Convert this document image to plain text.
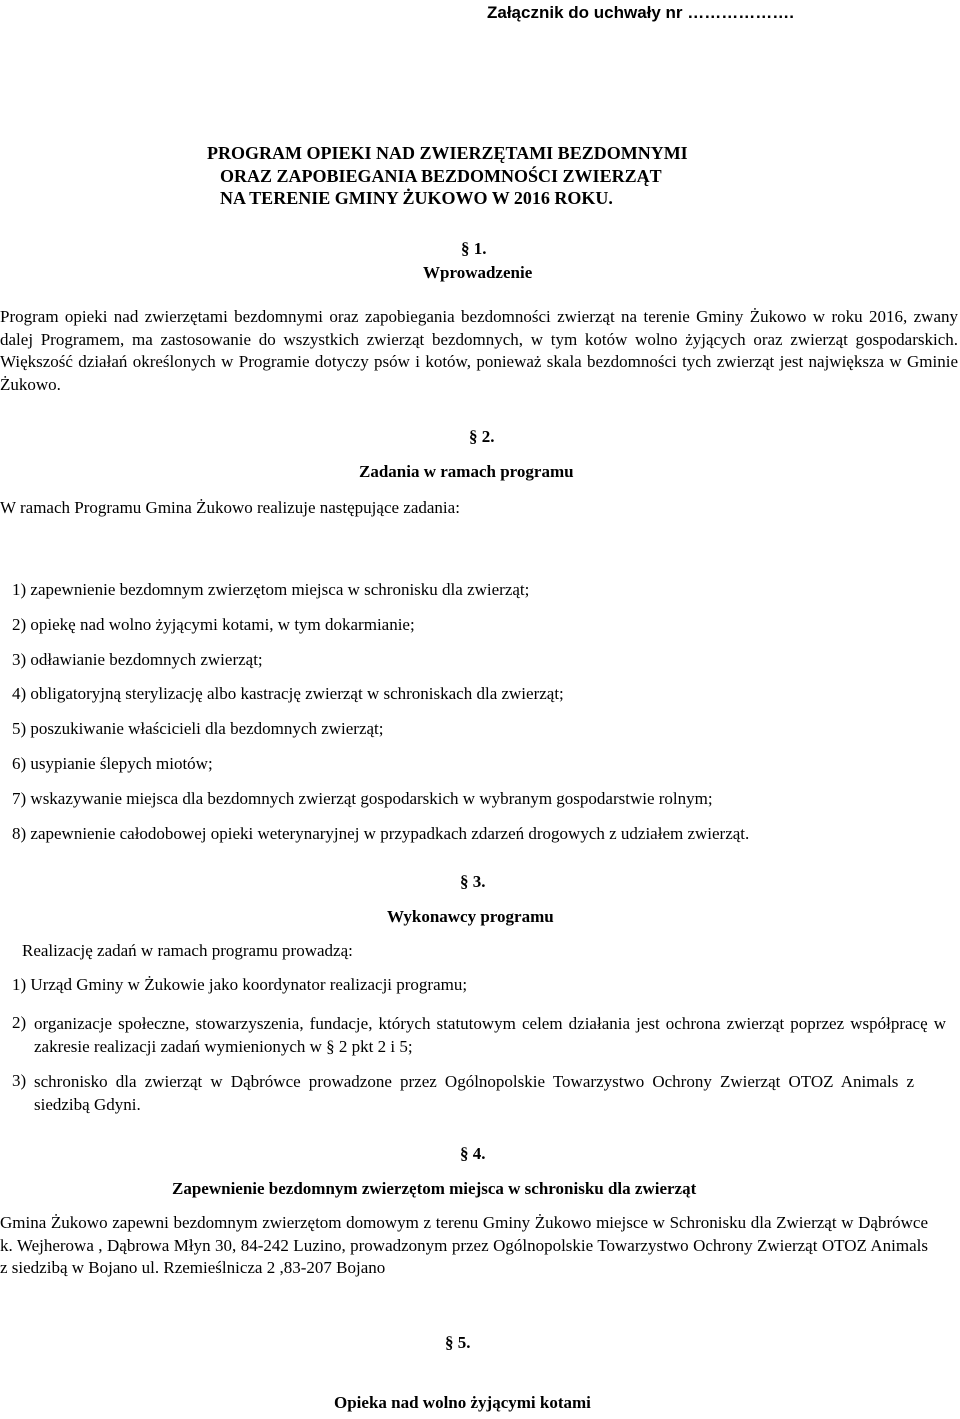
Załącznik do uchwały nr ……………….
PROGRAM OPIEKI NAD ZWIERZĘTAMI BEZDOMNYMI
ORAZ ZAPOBIEGANIA BEZDOMNOŚCI ZWIERZĄT
NA TERENIE GMINY ŻUKOWO W 2016 ROKU.
§ 1.
Wprowadzenie
Program opieki nad zwierzętami bezdomnymi oraz zapobiegania bezdomności zwierząt na terenie Gminy Żukowo w roku 2016, zwany dalej Programem, ma zastosowanie do wszystkich zwierząt bezdomnych, w tym kotów wolno żyjących oraz zwierząt gospodarskich. Większość działań określonych w Programie dotyczy psów i kotów, ponieważ skala bezdomności tych zwierząt jest największa w Gminie Żukowo.
§ 2.
Zadania w ramach programu
W ramach Programu Gmina Żukowo realizuje następujące zadania:
1) zapewnienie bezdomnym zwierzętom miejsca w schronisku dla zwierząt;
2) opiekę nad wolno żyjącymi kotami, w tym dokarmianie;
3) odławianie bezdomnych zwierząt;
4) obligatoryjną sterylizację albo kastrację zwierząt w schroniskach dla zwierząt;
5) poszukiwanie właścicieli dla bezdomnych zwierząt;
6) usypianie ślepych miotów;
7) wskazywanie miejsca dla bezdomnych zwierząt gospodarskich w wybranym gospodarstwie rolnym;
8) zapewnienie całodobowej opieki weterynaryjnej w przypadkach zdarzeń drogowych z udziałem zwierząt.
§ 3.
Wykonawcy programu
Realizację zadań w ramach programu prowadzą:
1) Urząd Gminy w Żukowie jako koordynator realizacji programu;
2) organizacje społeczne, stowarzyszenia, fundacje, których statutowym celem działania jest ochrona zwierząt poprzez współpracę w zakresie realizacji zadań wymienionych w § 2 pkt 2 i 5;
3) schronisko dla zwierząt w Dąbrówce prowadzone przez Ogólnopolskie Towarzystwo Ochrony Zwierząt OTOZ Animals z siedzibą Gdyni.
§ 4.
Zapewnienie bezdomnym zwierzętom miejsca w schronisku dla zwierząt
Gmina Żukowo zapewni bezdomnym zwierzętom domowym z terenu Gminy Żukowo miejsce w Schronisku dla Zwierząt w Dąbrówce k. Wejherowa , Dąbrowa Młyn 30, 84-242 Luzino, prowadzonym przez Ogólnopolskie Towarzystwo Ochrony Zwierząt OTOZ Animals z siedzibą w Bojano ul. Rzemieślnicza 2 ,83-207 Bojano
§ 5.
Opieka nad wolno żyjącymi kotami
